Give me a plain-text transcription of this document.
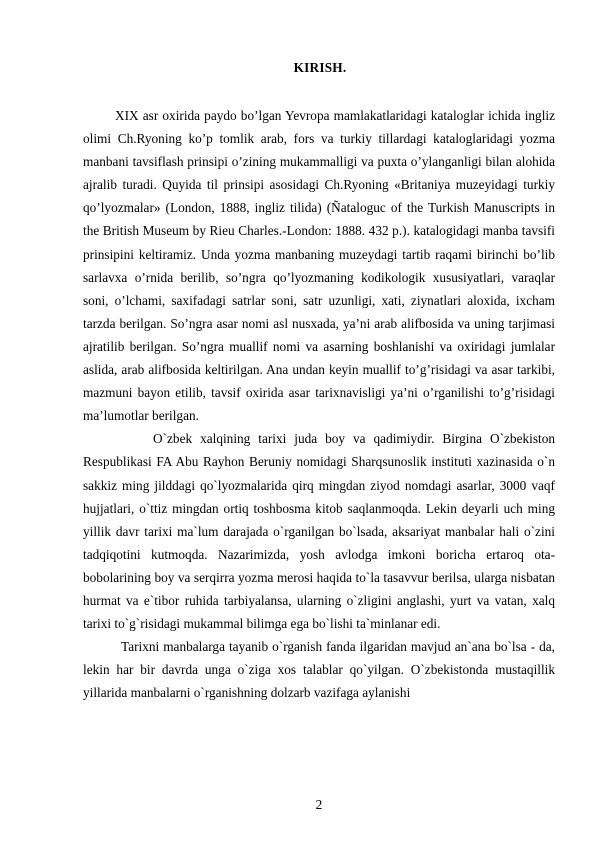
KIRISH.

XIX asr oxirida paydo bo’lgan Yevropa mamlakatlaridagi kataloglar ichida ingliz olimi Ch.Ryoning ko’p tomlik arab, fors va turkiy tillardagi kataloglaridagi yozma manbani tavsiflash prinsipi o’zining mukammalligi va puxta o’ylanganligi bilan alohida ajralib turadi. Quyida til prinsipi asosidagi Ch.Ryoning «Britaniya muzeyidagi turkiy qo’lyozmalar» (London, 1888, ingliz tilida) (Ñataloguc of the Turkish Manuscripts in the British Museum by Rieu Charles.-London: 1888. 432 p.). katalogidagi manba tavsifi prinsipini keltiramiz. Unda yozma manbaning muzeydagi tartib raqami birinchi bo’lib sarlavxa o’rnida berilib, so’ngra qo’lyozmaning kodikologik xususiyatlari, varaqlar soni, o’lchami, saxifadagi satrlar soni, satr uzunligi, xati, ziynatlari aloxida, ixcham tarzda berilgan. So’ngra asar nomi asl nusxada, ya’ni arab alifbosida va uning tarjimasi ajratilib berilgan. So’ngra muallif nomi va asarning boshlanishi va oxiridagi jumlalar aslida, arab alifbosida keltirilgan. Ana undan keyin muallif to’g’risidagi va asar tarkibi, mazmuni bayon etilib, tavsif oxirida asar tarixnavisligi ya’ni o’rganilishi to’g’risidagi ma’lumotlar berilgan.

O`zbek xalqining tarixi juda boy va qadimiydir. Birgina O`zbekiston Respublikasi FA Abu Rayhon Beruniy nomidagi Sharqsunoslik instituti xazinasida o`n sakkiz ming jilddagi qo`lyozmalarida qirq mingdan ziyod nomdagi asarlar, 3000 vaqf hujjatlari, o`ttiz mingdan ortiq toshbosma kitob saqlanmoqda. Lekin deyarli uch ming yillik davr tarixi ma`lum darajada o`rganilgan bo`lsada, aksariyat manbalar hali o`zini tadqiqotini kutmoqda. Nazarimizda, yosh avlodga imkoni boricha ertaroq ota-bobolarining boy va serqirra yozma merosi haqida to`la tasavvur berilsa, ularga nisbatan hurmat va e`tibor ruhida tarbiyalansa, ularning o`zligini anglashi, yurt va vatan, xalq tarixi to`g`risidagi mukammal bilimga ega bo`lishi ta`minlanar edi.

Tarixni manbalarga tayanib o`rganish fanda ilgaridan mavjud an`ana bo`lsa - da, lekin har bir davrda unga o`ziga xos talablar qo`yilgan. O`zbekistonda mustaqillik yillarida manbalarni o`rganishning dolzarb vazifaga aylanishi

2
